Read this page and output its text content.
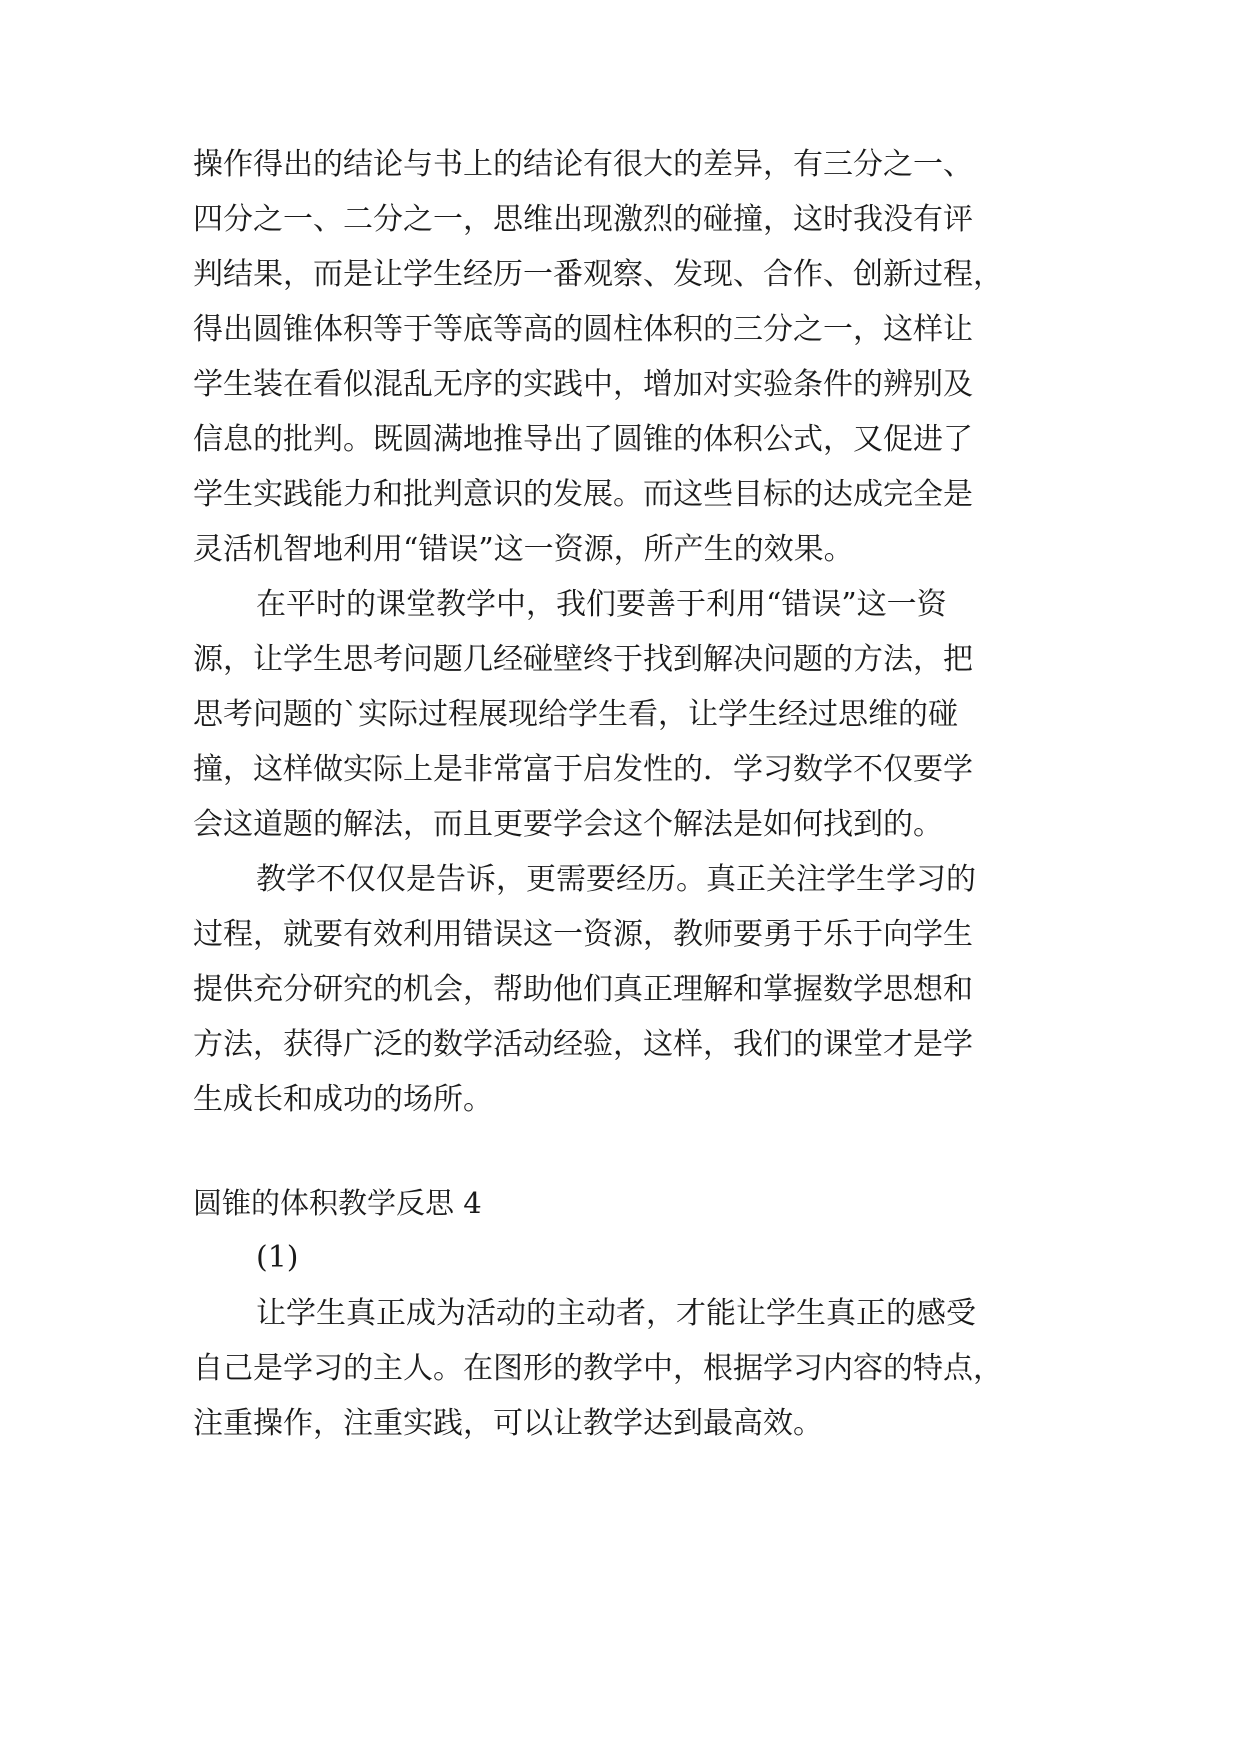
操作得出的结论与书上的结论有很大的差异，有三分之一、
四分之一、二分之一，思维出现激烈的碰撞，这时我没有评
判结果，而是让学生经历一番观察、发现、合作、创新过程，
得出圆锥体积等于等底等高的圆柱体积的三分之一，这样让
学生装在看似混乱无序的实践中，增加对实验条件的辨别及
信息的批判。既圆满地推导出了圆锥的体积公式，又促进了
学生实践能力和批判意识的发展。而这些目标的达成完全是
灵活机智地利用“错误”这一资源，所产生的效果。
在平时的课堂教学中，我们要善于利用“错误”这一资
源，让学生思考问题几经碰壁终于找到解决问题的方法，把
思考问题的`实际过程展现给学生看，让学生经过思维的碰
撞，这样做实际上是非常富于启发性的．学习数学不仅要学
会这道题的解法，而且更要学会这个解法是如何找到的。
教学不仅仅是告诉，更需要经历。真正关注学生学习的
过程，就要有效利用错误这一资源，教师要勇于乐于向学生
提供充分研究的机会，帮助他们真正理解和掌握数学思想和
方法，获得广泛的数学活动经验，这样，我们的课堂才是学
生成长和成功的场所。
圆锥的体积教学反思 4
(1)
让学生真正成为活动的主动者，才能让学生真正的感受
自己是学习的主人。在图形的教学中，根据学习内容的特点，
注重操作，注重实践，可以让教学达到最高效。
